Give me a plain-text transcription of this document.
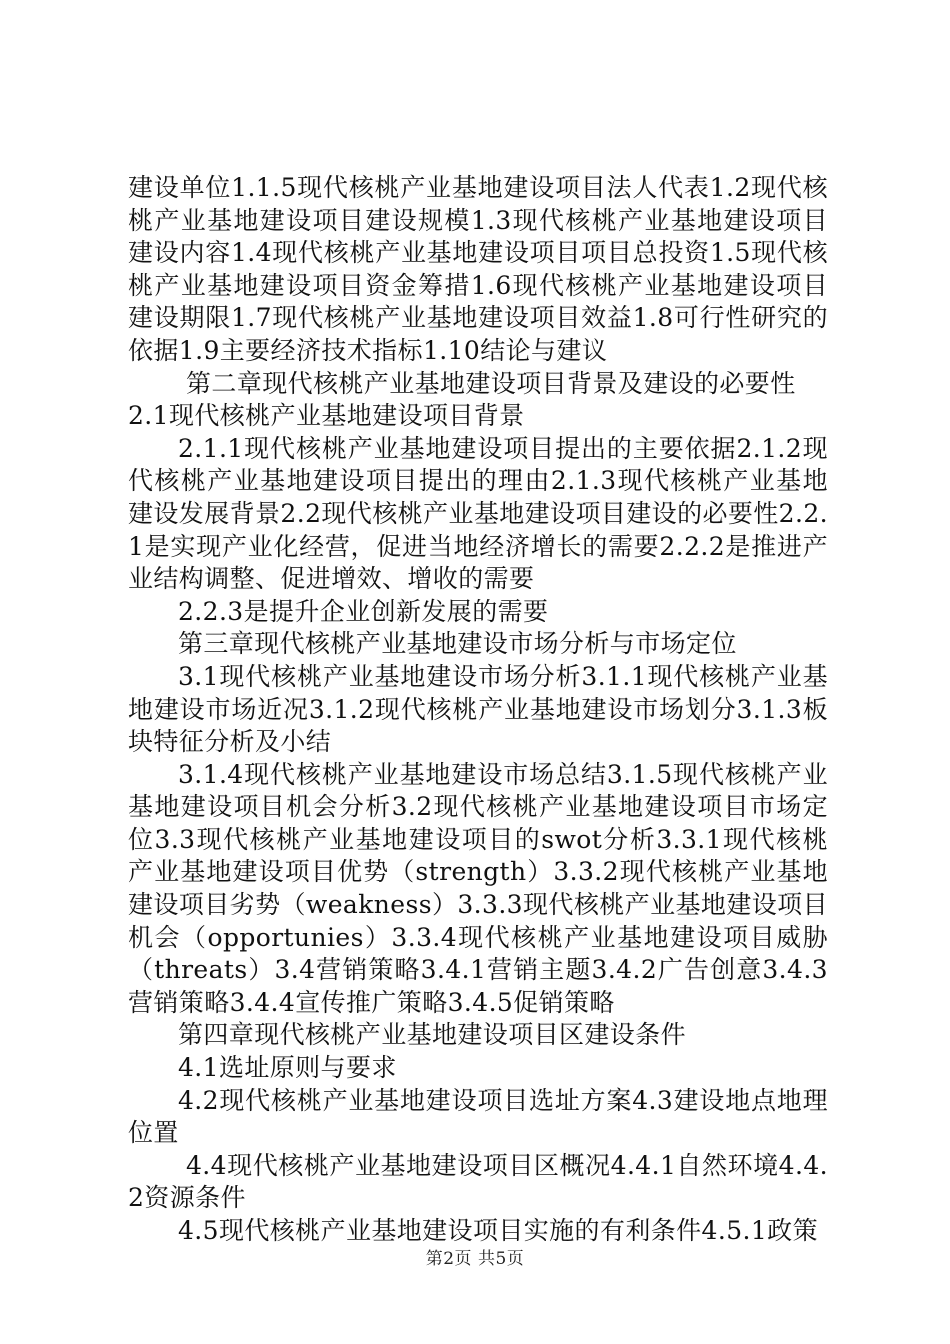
建设单位1.1.5现代核桃产业基地建设项目法人代表1.2现代核桃产业基地建设项目建设规模1.3现代核桃产业基地建设项目建设内容1.4现代核桃产业基地建设项目项目总投资1.5现代核桃产业基地建设项目资金筹措1.6现代核桃产业基地建设项目建设期限1.7现代核桃产业基地建设项目效益1.8可行性研究的依据1.9主要经济技术指标1.10结论与建议

第二章现代核桃产业基地建设项目背景及建设的必要性

2.1现代核桃产业基地建设项目背景

2.1.1现代核桃产业基地建设项目提出的主要依据2.1.2现代核桃产业基地建设项目提出的理由2.1.3现代核桃产业基地建设发展背景2.2现代核桃产业基地建设项目建设的必要性2.2.1是实现产业化经营，促进当地经济增长的需要2.2.2是推进产业结构调整、促进增效、增收的需要

2.2.3是提升企业创新发展的需要

第三章现代核桃产业基地建设市场分析与市场定位

3.1现代核桃产业基地建设市场分析3.1.1现代核桃产业基地建设市场近况3.1.2现代核桃产业基地建设市场划分3.1.3板块特征分析及小结

3.1.4现代核桃产业基地建设市场总结3.1.5现代核桃产业基地建设项目机会分析3.2现代核桃产业基地建设项目市场定位3.3现代核桃产业基地建设项目的swot分析3.3.1现代核桃产业基地建设项目优势（strength）3.3.2现代核桃产业基地建设项目劣势（weakness）3.3.3现代核桃产业基地建设项目机会（opportunies）3.3.4现代核桃产业基地建设项目威胁（threats）3.4营销策略3.4.1营销主题3.4.2广告创意3.4.3营销策略3.4.4宣传推广策略3.4.5促销策略

第四章现代核桃产业基地建设项目区建设条件

4.1选址原则与要求

4.2现代核桃产业基地建设项目选址方案4.3建设地点地理位置

4.4现代核桃产业基地建设项目区概况4.4.1自然环境4.4.2资源条件

4.5现代核桃产业基地建设项目实施的有利条件4.5.1政策

第2页 共5页
